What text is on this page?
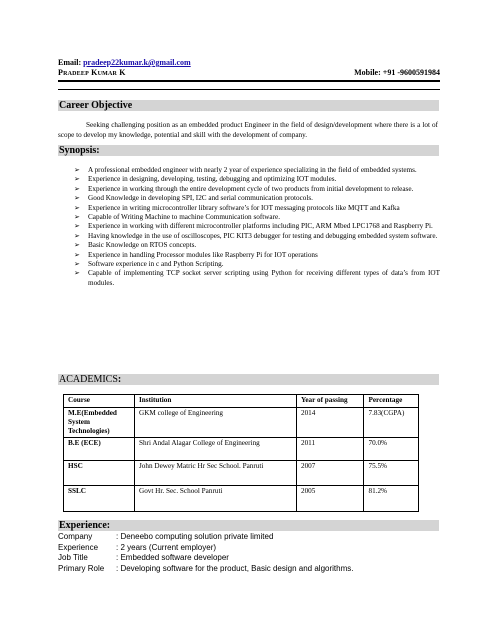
Email: pradeep22kumar.k@gmail.com
Pradeep Kumar K	Mobile: +91 -9600591984
Career Objective
Seeking challenging position as an embedded product Engineer in the field of design/development where there is a lot of scope to develop my knowledge, potential and skill with the development of company.
Synopsis:
➢ A professional embedded engineer with nearly 2 year of experience specializing in the field of embedded systems.
➢ Experience in designing, developing, testing, debugging and optimizing IOT modules.
➢ Experience in working through the entire development cycle of two products from initial development to release.
➢ Good Knowledge in developing SPI, I2C and serial communication protocols.
➢ Experience in writing microcontroller library software’s for IOT messaging protocols like MQTT and Kafka
➢ Capable of Writing Machine to machine Communication software.
➢ Experience in working with different microcontroller platforms including PIC, ARM Mbed LPC1768 and Raspberry Pi.
➢ Having knowledge in the use of oscilloscopes, PIC KIT3 debugger for testing and debugging embedded system software.
➢ Basic Knowledge on RTOS concepts.
➢ Experience in handling Processor modules like Raspberry Pi for IOT operations
➢ Software experience in c and Python Scripting.
➢ Capable of implementing TCP socket server scripting using Python for receiving different types of data’s from IOT modules.
ACADEMICS:
Course	Institution	Year of passing	Percentage
M.E(Embedded System Technologies)	GKM college of Engineering	2014	7.83(CGPA)
B.E (ECE)	Shri Andal Alagar College of Engineering	2011	70.0%
HSC	John Dewey Matric Hr Sec School. Panruti	2007	75.5%
SSLC	Govt Hr. Sec. School Panruti	2005	81.2%
Experience:
Company	: Deneebo computing solution private limited
Experience	: 2 years (Current employer)
Job Title	: Embedded software developer
Primary Role	: Developing software for the product, Basic design and algorithms.
